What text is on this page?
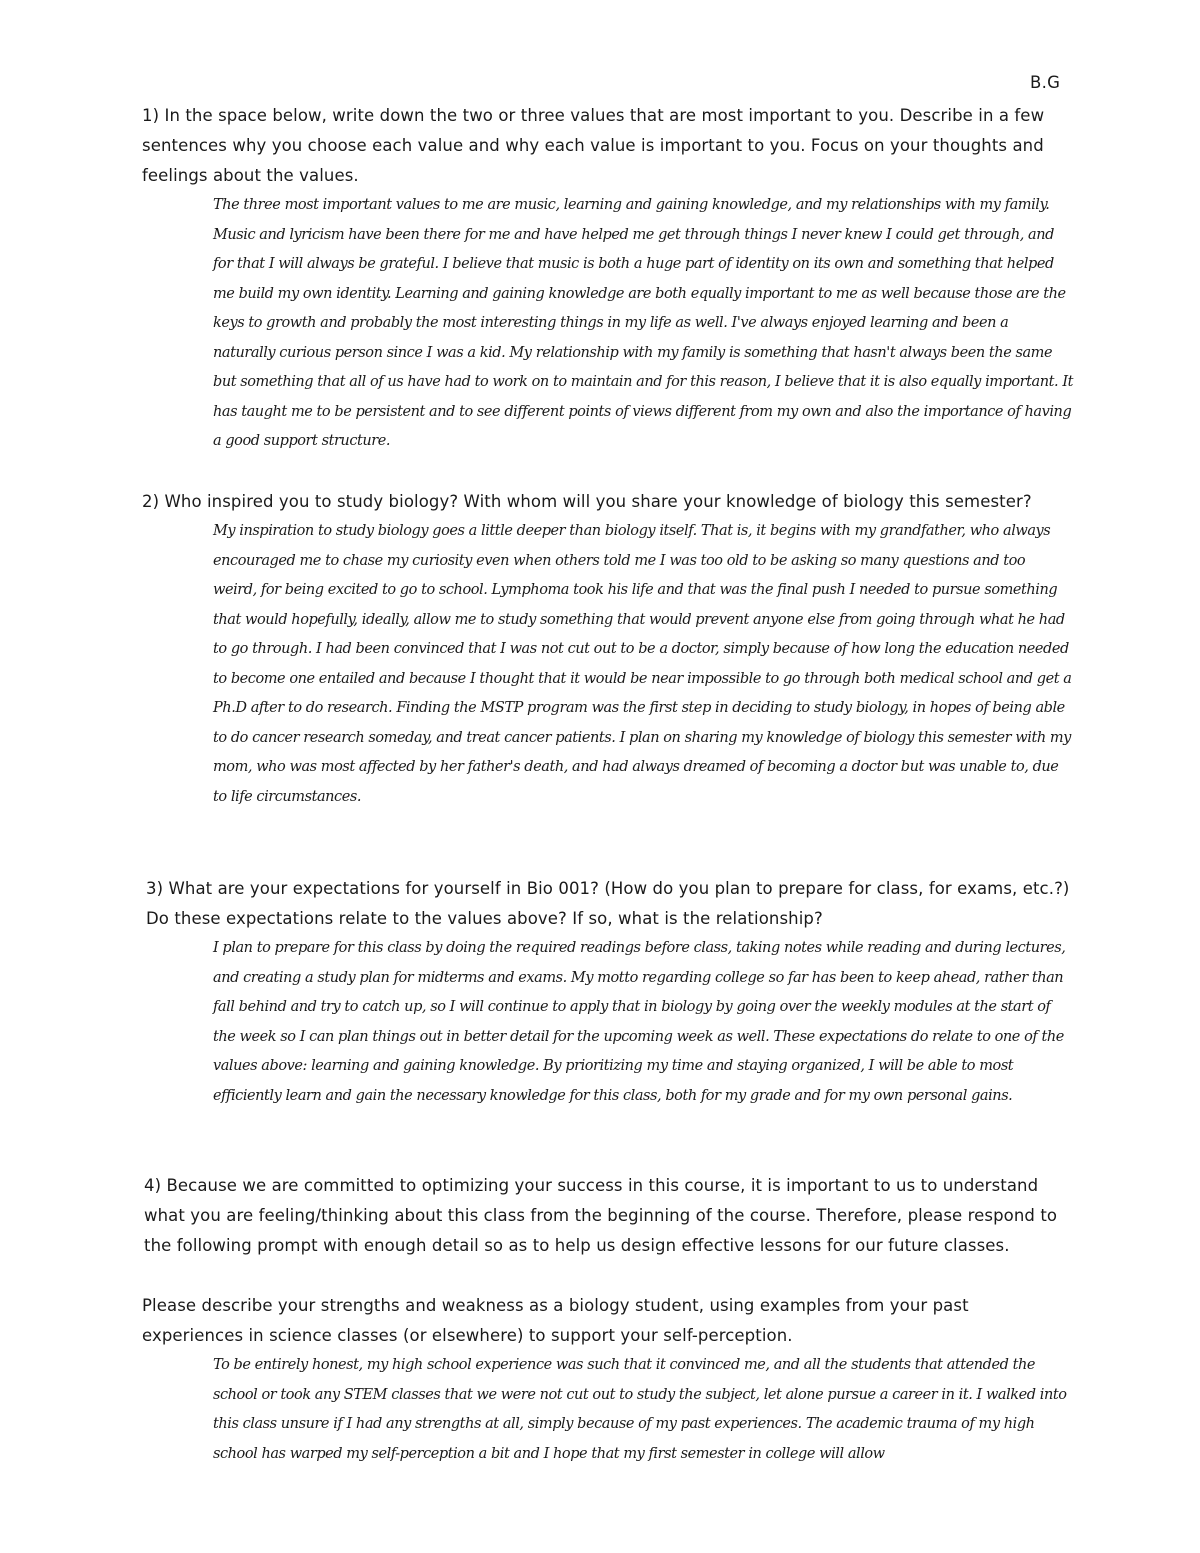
B.G

1) In the space below, write down the two or three values that are most important to you. Describe in a few sentences why you choose each value and why each value is important to you. Focus on your thoughts and feelings about the values.

The three most important values to me are music, learning and gaining knowledge, and my relationships with my family. Music and lyricism have been there for me and have helped me get through things I never knew I could get through, and for that I will always be grateful. I believe that music is both a huge part of identity on its own and something that helped me build my own identity. Learning and gaining knowledge are both equally important to me as well because those are the keys to growth and probably the most interesting things in my life as well. I've always enjoyed learning and been a naturally curious person since I was a kid. My relationship with my family is something that hasn't always been the same but something that all of us have had to work on to maintain and for this reason, I believe that it is also equally important. It has taught me to be persistent and to see different points of views different from my own and also the importance of having a good support structure.

2) Who inspired you to study biology? With whom will you share your knowledge of biology this semester?

My inspiration to study biology goes a little deeper than biology itself. That is, it begins with my grandfather, who always encouraged me to chase my curiosity even when others told me I was too old to be asking so many questions and too weird, for being excited to go to school. Lymphoma took his life and that was the final push I needed to pursue something that would hopefully, ideally, allow me to study something that would prevent anyone else from going through what he had to go through. I had been convinced that I was not cut out to be a doctor, simply because of how long the education needed to become one entailed and because I thought that it would be near impossible to go through both medical school and get a Ph.D after to do research. Finding the MSTP program was the first step in deciding to study biology, in hopes of being able to do cancer research someday, and treat cancer patients. I plan on sharing my knowledge of biology this semester with my mom, who was most affected by her father's death, and had always dreamed of becoming a doctor but was unable to, due to life circumstances.

3) What are your expectations for yourself in Bio 001? (How do you plan to prepare for class, for exams, etc.?) Do these expectations relate to the values above? If so, what is the relationship?

I plan to prepare for this class by doing the required readings before class, taking notes while reading and during lectures, and creating a study plan for midterms and exams. My motto regarding college so far has been to keep ahead, rather than fall behind and try to catch up, so I will continue to apply that in biology by going over the weekly modules at the start of the week so I can plan things out in better detail for the upcoming week as well. These expectations do relate to one of the values above: learning and gaining knowledge. By prioritizing my time and staying organized, I will be able to most efficiently learn and gain the necessary knowledge for this class, both for my grade and for my own personal gains.

4) Because we are committed to optimizing your success in this course, it is important to us to understand what you are feeling/thinking about this class from the beginning of the course. Therefore, please respond to the following prompt with enough detail so as to help us design effective lessons for our future classes.

Please describe your strengths and weakness as a biology student, using examples from your past experiences in science classes (or elsewhere) to support your self-perception.

To be entirely honest, my high school experience was such that it convinced me, and all the students that attended the school or took any STEM classes that we were not cut out to study the subject, let alone pursue a career in it. I walked into this class unsure if I had any strengths at all, simply because of my past experiences. The academic trauma of my high school has warped my self-perception a bit and I hope that my first semester in college will allow
